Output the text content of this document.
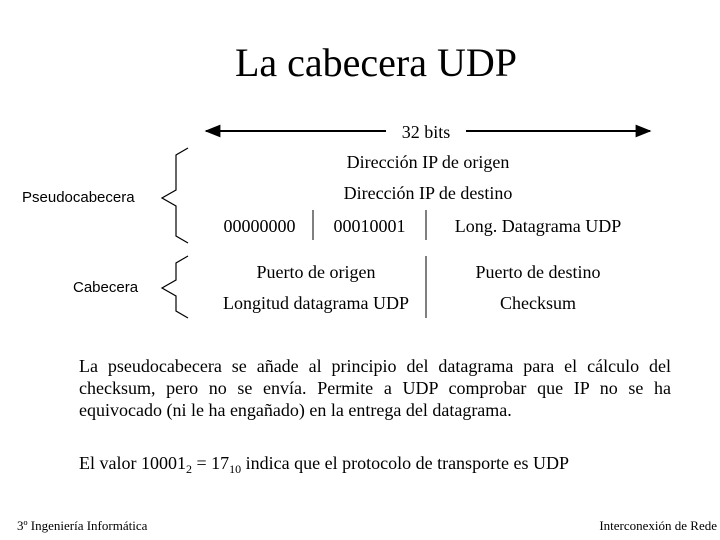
La cabecera UDP
32 bits
Dirección IP de origen
Dirección IP de destino
00000000	00010001	Long. Datagrama UDP
Puerto de origen	Puerto de destino
Longitud datagrama UDP	Checksum
Pseudocabecera
Cabecera
La pseudocabecera se añade al principio del datagrama para el cálculo del checksum, pero no se envía. Permite a UDP comprobar que IP no se ha equivocado (ni le ha engañado) en la entrega del datagrama.
El valor $10001_2 = 17_{10}$ indica que el protocolo de transporte es UDP
3º Ingeniería Informática	Interconexión de Rede
